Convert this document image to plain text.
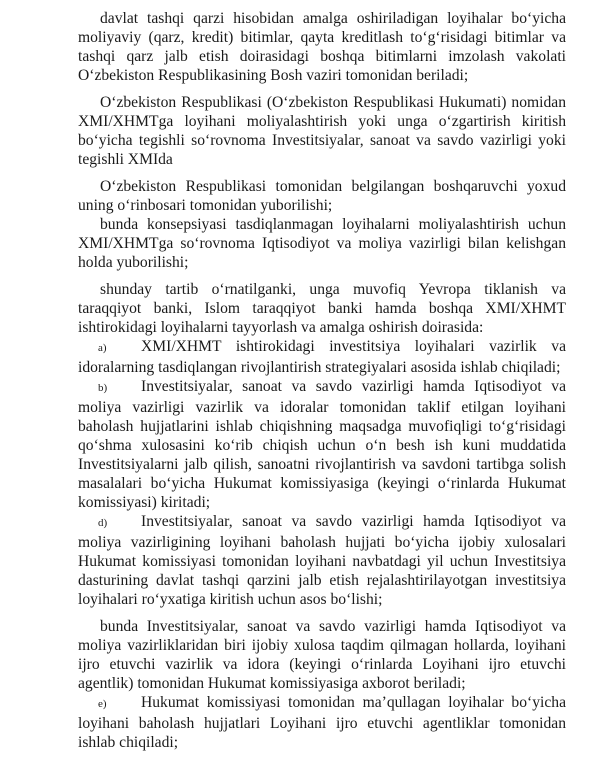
davlat tashqi qarzi hisobidan amalga oshiriladigan loyihalar bo‘yicha moliyaviy (qarz, kredit) bitimlar, qayta kreditlash to‘g‘risidagi bitimlar va tashqi qarz jalb etish doirasidagi boshqa bitimlarni imzolash vakolati O‘zbekiston Respublikasining Bosh vaziri tomonidan beriladi;

O‘zbekiston Respublikasi (O‘zbekiston Respublikasi Hukumati) nomidan XMI/XHMTga loyihani moliyalashtirish yoki unga o‘zgartirish kiritish bo‘yicha tegishli so‘rovnoma Investitsiyalar, sanoat va savdo vazirligi yoki tegishli XMIda

O‘zbekiston Respublikasi tomonidan belgilangan boshqaruvchi yoxud uning o‘rinbosari tomonidan yuborilishi;

bunda konsepsiyasi tasdiqlanmagan loyihalarni moliyalashtirish uchun XMI/XHMTga so‘rovnoma Iqtisodiyot va moliya vazirligi bilan kelishgan holda yuborilishi;

shunday tartib o‘rnatilganki, unga muvofiq Yevropa tiklanish va taraqqiyot banki, Islom taraqqiyot banki hamda boshqa XMI/XHMT ishtirokidagi loyihalarni tayyorlash va amalga oshirish doirasida:

a) XMI/XHMT ishtirokidagi investitsiya loyihalari vazirlik va idoralarning tasdiqlangan rivojlantirish strategiyalari asosida ishlab chiqiladi;

b) Investitsiyalar, sanoat va savdo vazirligi hamda Iqtisodiyot va moliya vazirligi vazirlik va idoralar tomonidan taklif etilgan loyihani baholash hujjatlarini ishlab chiqishning maqsadga muvofiqligi to‘g‘risidagi qo‘shma xulosasini ko‘rib chiqish uchun o‘n besh ish kuni muddatida Investitsiyalarni jalb qilish, sanoatni rivojlantirish va savdoni tartibga solish masalalari bo‘yicha Hukumat komissiyasiga (keyingi o‘rinlarda Hukumat komissiyasi) kiritadi;

d) Investitsiyalar, sanoat va savdo vazirligi hamda Iqtisodiyot va moliya vazirligining loyihani baholash hujjati bo‘yicha ijobiy xulosalari Hukumat komissiyasi tomonidan loyihani navbatdagi yil uchun Investitsiya dasturining davlat tashqi qarzini jalb etish rejalashtirilayotgan investitsiya loyihalari ro‘yxatiga kiritish uchun asos bo‘lishi;

bunda Investitsiyalar, sanoat va savdo vazirligi hamda Iqtisodiyot va moliya vazirliklaridan biri ijobiy xulosa taqdim qilmagan hollarda, loyihani ijro etuvchi vazirlik va idora (keyingi o‘rinlarda Loyihani ijro etuvchi agentlik) tomonidan Hukumat komissiyasiga axborot beriladi;

e) Hukumat komissiyasi tomonidan ma’qullagan loyihalar bo‘yicha loyihani baholash hujjatlari Loyihani ijro etuvchi agentliklar tomonidan ishlab chiqiladi;
